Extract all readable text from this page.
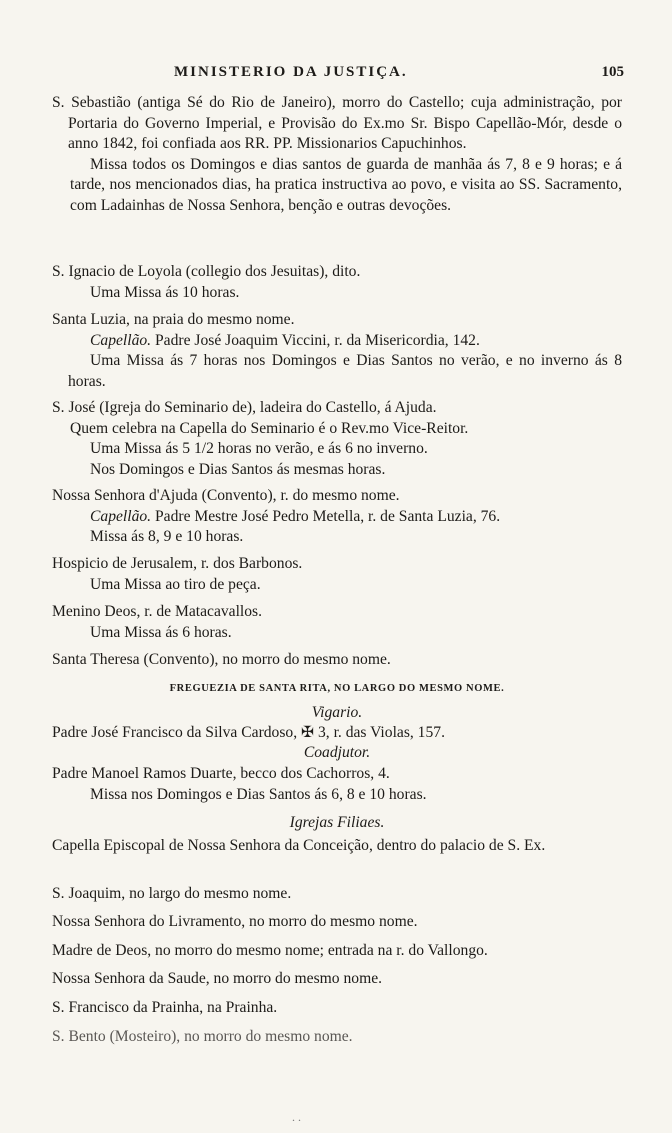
MINISTERIO DA JUSTIÇA.	105

S. Sebastião (antiga Sé do Rio de Janeiro), morro do Castello; cuja administração, por Portaria do Governo Imperial, e Provisão do Ex.mo Sr. Bispo Capellão-Mór, desde o anno 1842, foi confiada aos RR. PP. Missionarios Capuchinhos.

Missa todos os Domingos e dias santos de guarda de manhãa ás 7, 8 e 9 horas; e á tarde, nos mencionados dias, ha pratica instructiva ao povo, e visita ao SS. Sacramento, com Ladainhas de Nossa Senhora, benção e outras devoções.

S. Ignacio de Loyola (collegio dos Jesuitas), dito.

Uma Missa ás 10 horas.

Santa Luzia, na praia do mesmo nome.

Capellão. Padre José Joaquim Viccini, r. da Misericordia, 142.

Uma Missa ás 7 horas nos Domingos e Dias Santos no verão, e no inverno ás 8 horas.

S. José (Igreja do Seminario de), ladeira do Castello, á Ajuda.

Quem celebra na Capella do Seminario é o Rev.mo Vice-Reitor.

Uma Missa ás 5 1/2 horas no verão, e ás 6 no inverno.

Nos Domingos e Dias Santos ás mesmas horas.

Nossa Senhora d'Ajuda (Convento), r. do mesmo nome.

Capellão. Padre Mestre José Pedro Metella, r. de Santa Luzia, 76.

Missa ás 8, 9 e 10 horas.

Hospicio de Jerusalem, r. dos Barbonos.

Uma Missa ao tiro de peça.

Menino Deos, r. de Matacavallos.

Uma Missa ás 6 horas.

Santa Theresa (Convento), no morro do mesmo nome.

FREGUEZIA DE SANTA RITA, NO LARGO DO MESMO NOME.
Vigario.

Padre José Francisco da Silva Cardoso, ✠ 3, r. das Violas, 157.

Coadjutor.

Padre Manoel Ramos Duarte, becco dos Cachorros, 4.

Missa nos Domingos e Dias Santos ás 6, 8 e 10 horas.

Igrejas Filiaes.

Capella Episcopal de Nossa Senhora da Conceição, dentro do palacio de S. Ex.

S. Joaquim, no largo do mesmo nome.

Nossa Senhora do Livramento, no morro do mesmo nome.

Madre de Deos, no morro do mesmo nome; entrada na r. do Vallongo.

Nossa Senhora da Saude, no morro do mesmo nome.

S. Francisco da Prainha, na Prainha.

S. Bento (Mosteiro), no morro do mesmo nome.

. .
